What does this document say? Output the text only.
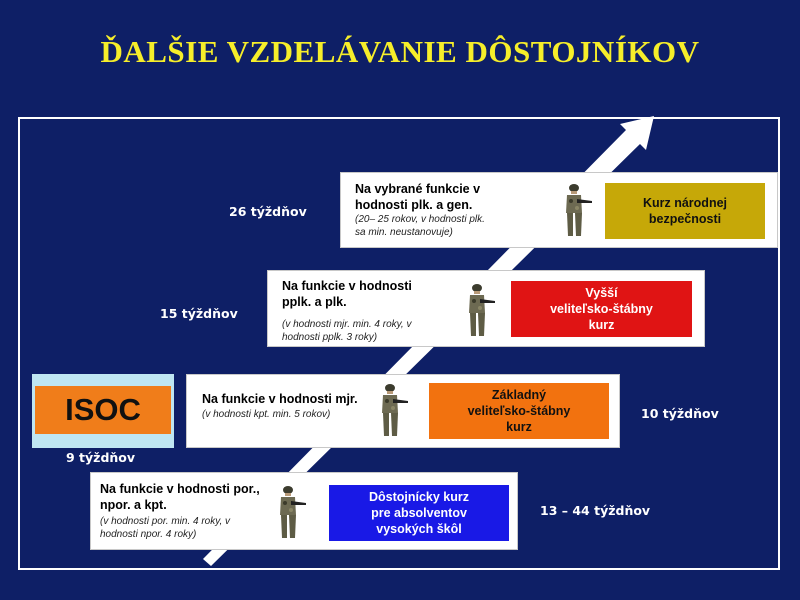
ĎALŠIE VZDELÁVANIE DÔSTOJNÍKOV
ISOC
9 týždňov
Na funkcie v hodnosti por.,
npor. a kpt.
(v hodnosti por. min. 4 roky, v
hodnosti npor. 4 roky)
Dôstojnícky kurz
pre absolventov
vysokých škôl
13 – 44 týždňov
Na funkcie v hodnosti mjr.
(v hodnosti kpt. min. 5 rokov)
Základný
veliteľsko-štábny
kurz
10 týždňov
Na funkcie v hodnosti
pplk. a plk.
(v hodnosti mjr. min. 4 roky, v
hodnosti pplk. 3 roky)
Vyšší
veliteľsko-štábny
kurz
15 týždňov
Na vybrané funkcie v
hodnosti plk. a gen.
(20– 25 rokov, v hodnosti plk.
sa min. neustanovuje)
Kurz národnej
bezpečnosti
26 týždňov
